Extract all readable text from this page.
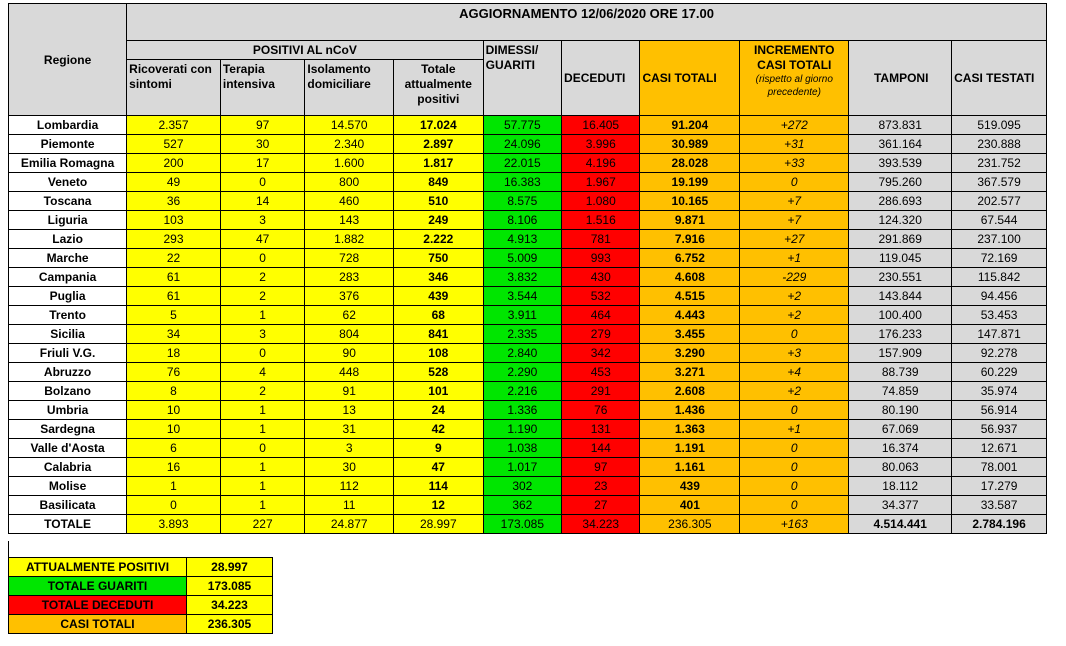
Regione	AGGIORNAMENTO 12/06/2020 ORE 17.00									
	POSITIVI AL nCoV				DIMESSI/ GUARITI	DECEDUTI	CASI TOTALI	INCREMENTO CASI TOTALI
(rispetto al giorno precedente)	TAMPONI	CASI TESTATI
	Ricoverati con sintomi	Terapia intensiva	Isolamento domiciliare	Totale attualmente positivi						
Lombardia	2.357	97	14.570	17.024	57.775	16.405	91.204	+272	873.831	519.095
Piemonte	527	30	2.340	2.897	24.096	3.996	30.989	+31	361.164	230.888
Emilia Romagna	200	17	1.600	1.817	22.015	4.196	28.028	+33	393.539	231.752
Veneto	49	0	800	849	16.383	1.967	19.199	0	795.260	367.579
Toscana	36	14	460	510	8.575	1.080	10.165	+7	286.693	202.577
Liguria	103	3	143	249	8.106	1.516	9.871	+7	124.320	67.544
Lazio	293	47	1.882	2.222	4.913	781	7.916	+27	291.869	237.100
Marche	22	0	728	750	5.009	993	6.752	+1	119.045	72.169
Campania	61	2	283	346	3.832	430	4.608	-229	230.551	115.842
Puglia	61	2	376	439	3.544	532	4.515	+2	143.844	94.456
Trento	5	1	62	68	3.911	464	4.443	+2	100.400	53.453
Sicilia	34	3	804	841	2.335	279	3.455	0	176.233	147.871
Friuli V.G.	18	0	90	108	2.840	342	3.290	+3	157.909	92.278
Abruzzo	76	4	448	528	2.290	453	3.271	+4	88.739	60.229
Bolzano	8	2	91	101	2.216	291	2.608	+2	74.859	35.974
Umbria	10	1	13	24	1.336	76	1.436	0	80.190	56.914
Sardegna	10	1	31	42	1.190	131	1.363	+1	67.069	56.937
Valle d'Aosta	6	0	3	9	1.038	144	1.191	0	16.374	12.671
Calabria	16	1	30	47	1.017	97	1.161	0	80.063	78.001
Molise	1	1	112	114	302	23	439	0	18.112	17.279
Basilicata	0	1	11	12	362	27	401	0	34.377	33.587
TOTALE	3.893	227	24.877	28.997	173.085	34.223	236.305	+163	4.514.441	2.784.196

ATTUALMENTE POSITIVI	28.997
TOTALE GUARITI	173.085
TOTALE DECEDUTI	34.223
CASI TOTALI	236.305
